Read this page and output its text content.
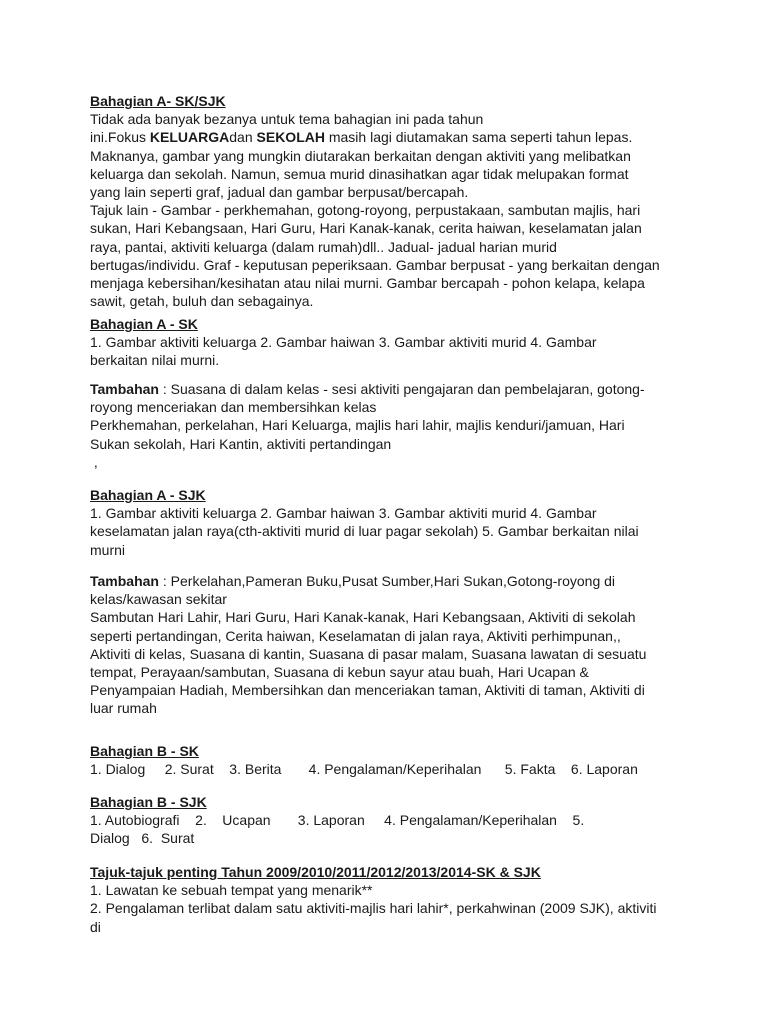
Bahagian A- SK/SJK
Tidak ada banyak bezanya untuk tema bahagian ini pada tahun
ini.Fokus KELUARGAdan SEKOLAH masih lagi diutamakan sama seperti tahun lepas.
Maknanya, gambar yang mungkin diutarakan berkaitan dengan aktiviti yang melibatkan
keluarga dan sekolah. Namun, semua murid dinasihatkan agar tidak melupakan format
yang lain seperti graf, jadual dan gambar berpusat/bercapah.
Tajuk lain - Gambar - perkhemahan, gotong-royong, perpustakaan, sambutan majlis, hari
sukan, Hari Kebangsaan, Hari Guru, Hari Kanak-kanak, cerita haiwan, keselamatan jalan
raya, pantai, aktiviti keluarga (dalam rumah)dll.. Jadual- jadual harian murid
bertugas/individu. Graf - keputusan peperiksaan. Gambar berpusat - yang berkaitan dengan
menjaga kebersihan/kesihatan atau nilai murni. Gambar bercapah - pohon kelapa, kelapa
sawit, getah, buluh dan sebagainya.
Bahagian A - SK
1. Gambar aktiviti keluarga 2. Gambar haiwan 3. Gambar aktiviti murid 4. Gambar
berkaitan nilai murni.
Tambahan : Suasana di dalam kelas - sesi aktiviti pengajaran dan pembelajaran, gotong-
royong menceriakan dan membersihkan kelas
Perkhemahan, perkelahan, Hari Keluarga, majlis hari lahir, majlis kenduri/jamuan, Hari
Sukan sekolah, Hari Kantin, aktiviti pertandingan
,
Bahagian A - SJK
1. Gambar aktiviti keluarga 2. Gambar haiwan 3. Gambar aktiviti murid 4. Gambar
keselamatan jalan raya(cth-aktiviti murid di luar pagar sekolah) 5. Gambar berkaitan nilai
murni
Tambahan : Perkelahan,Pameran Buku,Pusat Sumber,Hari Sukan,Gotong-royong di
kelas/kawasan sekitar
Sambutan Hari Lahir, Hari Guru, Hari Kanak-kanak, Hari Kebangsaan, Aktiviti di sekolah
seperti pertandingan, Cerita haiwan, Keselamatan di jalan raya, Aktiviti perhimpunan,,
Aktiviti di kelas, Suasana di kantin, Suasana di pasar malam, Suasana lawatan di sesuatu
tempat, Perayaan/sambutan, Suasana di kebun sayur atau buah, Hari Ucapan &
Penyampaian Hadiah, Membersihkan dan menceriakan taman, Aktiviti di taman, Aktiviti di
luar rumah
Bahagian B - SK
1. Dialog     2. Surat    3. Berita       4. Pengalaman/Keperihalan      5. Fakta    6. Laporan
Bahagian B - SJK
1. Autobiografi    2.    Ucapan       3. Laporan     4. Pengalaman/Keperihalan    5.
Dialog   6.  Surat
Tajuk-tajuk penting Tahun 2009/2010/2011/2012/2013/2014-SK & SJK
1. Lawatan ke sebuah tempat yang menarik**
2. Pengalaman terlibat dalam satu aktiviti-majlis hari lahir*, perkahwinan (2009 SJK), aktiviti
di
